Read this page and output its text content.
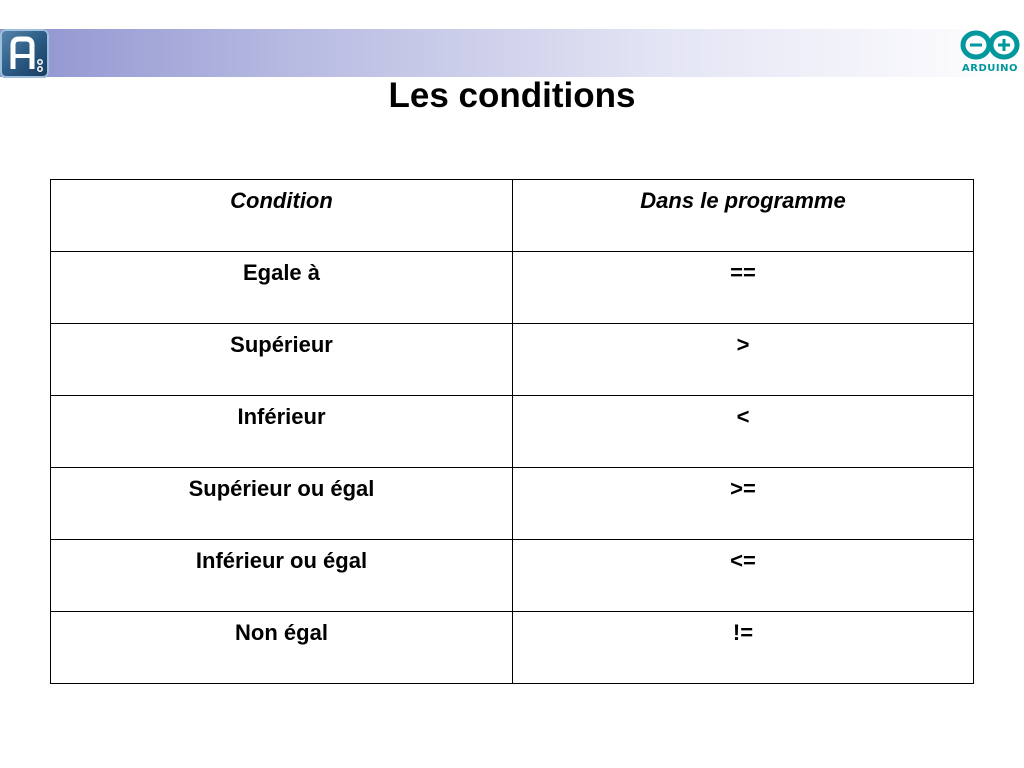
ARDUINO
Les conditions
Condition	Dans le programme

Egale à	==

Supérieur	>

Inférieur	<

Supérieur ou égal	>=

Inférieur ou égal	<=

Non égal	!=
